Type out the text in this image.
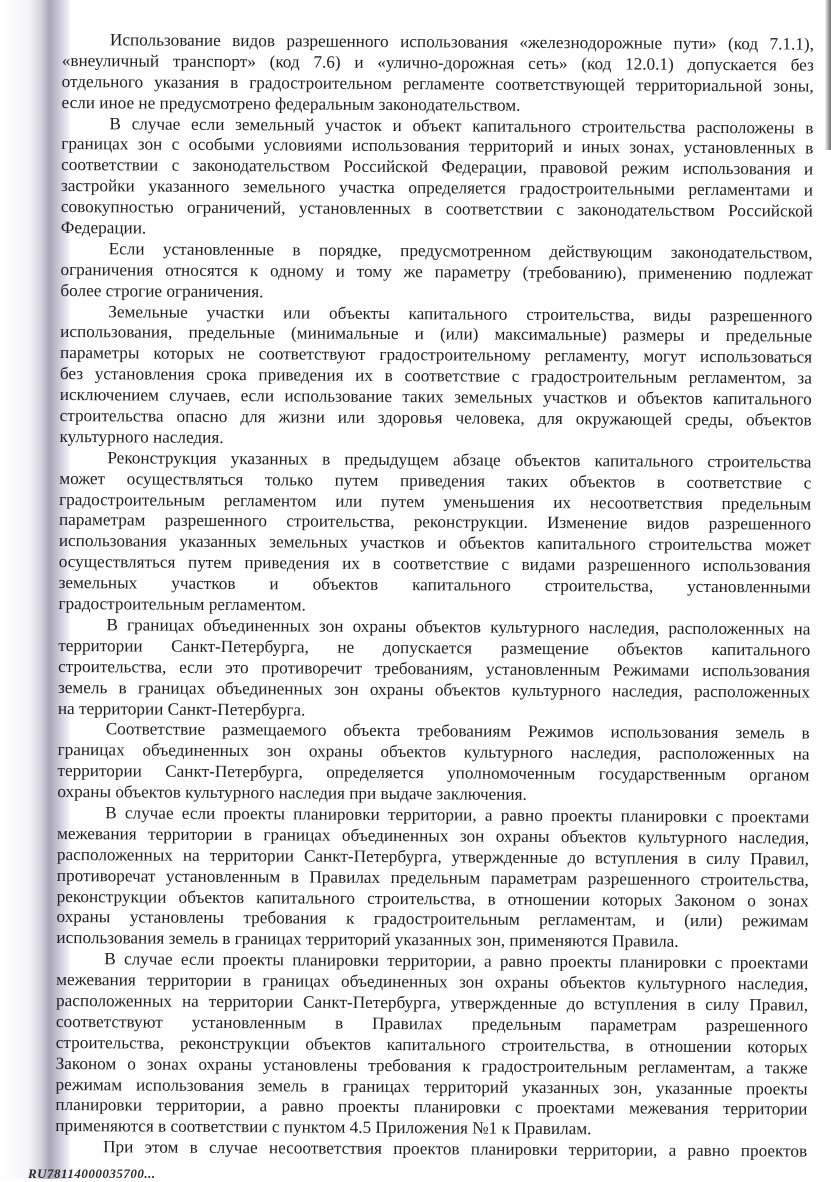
Использование видов разрешенного использования «железнодорожные пути» (код 7.1.1),
«внеуличный транспорт» (код 7.6) и «улично-дорожная сеть» (код 12.0.1) допускается без
отдельного указания в градостроительном регламенте соответствующей территориальной зоны,
если иное не предусмотрено федеральным законодательством.
В случае если земельный участок и объект капитального строительства расположены в
границах зон с особыми условиями использования территорий и иных зонах, установленных в
соответствии с законодательством Российской Федерации, правовой режим использования и
застройки указанного земельного участка определяется градостроительными регламентами и
совокупностью ограничений, установленных в соответствии с законодательством Российской
Федерации.
Если установленные в порядке, предусмотренном действующим законодательством,
ограничения относятся к одному и тому же параметру (требованию), применению подлежат
более строгие ограничения.
Земельные участки или объекты капитального строительства, виды разрешенного
использования, предельные (минимальные и (или) максимальные) размеры и предельные
параметры которых не соответствуют градостроительному регламенту, могут использоваться
без установления срока приведения их в соответствие с градостроительным регламентом, за
исключением случаев, если использование таких земельных участков и объектов капитального
строительства опасно для жизни или здоровья человека, для окружающей среды, объектов
культурного наследия.
Реконструкция указанных в предыдущем абзаце объектов капитального строительства
может осуществляться только путем приведения таких объектов в соответствие с
градостроительным регламентом или путем уменьшения их несоответствия предельным
параметрам разрешенного строительства, реконструкции. Изменение видов разрешенного
использования указанных земельных участков и объектов капитального строительства может
осуществляться путем приведения их в соответствие с видами разрешенного использования
земельных участков и объектов капитального строительства, установленными
градостроительным регламентом.
В границах объединенных зон охраны объектов культурного наследия, расположенных на
территории Санкт-Петербурга, не допускается размещение объектов капитального
строительства, если это противоречит требованиям, установленным Режимами использования
земель в границах объединенных зон охраны объектов культурного наследия, расположенных
на территории Санкт-Петербурга.
Соответствие размещаемого объекта требованиям Режимов использования земель в
границах объединенных зон охраны объектов культурного наследия, расположенных на
территории Санкт-Петербурга, определяется уполномоченным государственным органом
охраны объектов культурного наследия при выдаче заключения.
В случае если проекты планировки территории, а равно проекты планировки с проектами
межевания территории в границах объединенных зон охраны объектов культурного наследия,
расположенных на территории Санкт-Петербурга, утвержденные до вступления в силу Правил,
противоречат установленным в Правилах предельным параметрам разрешенного строительства,
реконструкции объектов капитального строительства, в отношении которых Законом о зонах
охраны установлены требования к градостроительным регламентам, и (или) режимам
использования земель в границах территорий указанных зон, применяются Правила.
В случае если проекты планировки территории, а равно проекты планировки с проектами
межевания территории в границах объединенных зон охраны объектов культурного наследия,
расположенных на территории Санкт-Петербурга, утвержденные до вступления в силу Правил,
соответствуют установленным в Правилах предельным параметрам разрешенного
строительства, реконструкции объектов капитального строительства, в отношении которых
Законом о зонах охраны установлены требования к градостроительным регламентам, а также
режимам использования земель в границах территорий указанных зон, указанные проекты
планировки территории, а равно проекты планировки с проектами межевания территории
применяются в соответствии с пунктом 4.5 Приложения №1 к Правилам.
При этом в случае несоответствия проектов планировки территории, а равно проектов
RU78114000035700...
